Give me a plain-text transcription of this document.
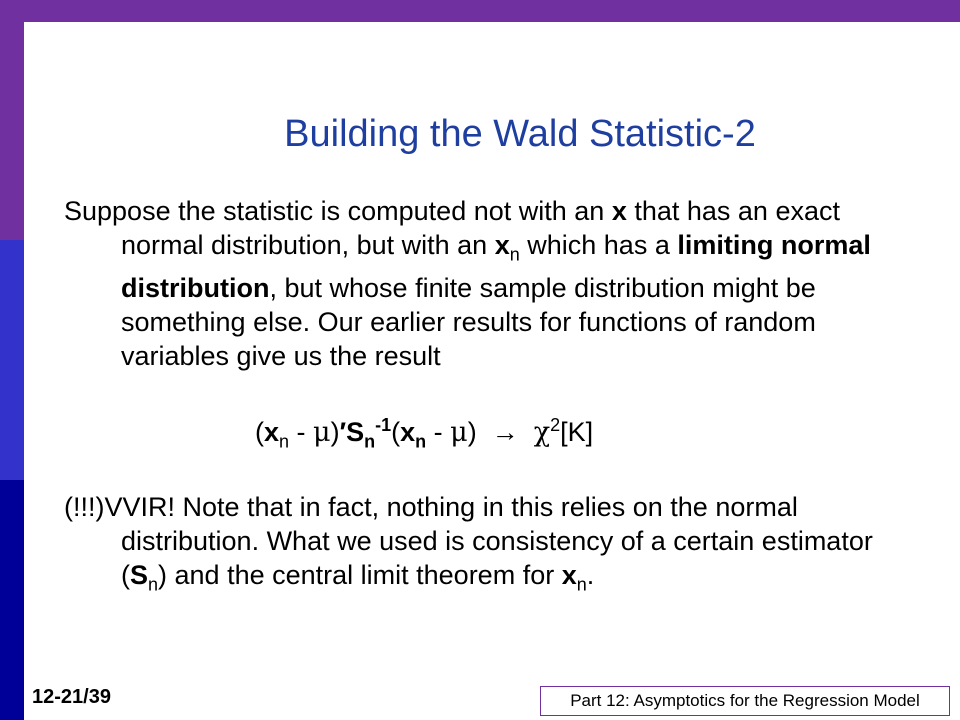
Building the Wald Statistic-2
Suppose the statistic is computed not with an x that has an exact normal distribution, but with an $x_n$ which has a limiting normal distribution, but whose finite sample distribution might be something else. Our earlier results for functions of random variables give us the result
$(x_n - \mu)'S_n^{-1}(x_n - \mu) \to \chi^2[K]$
(!!!)VVIR! Note that in fact, nothing in this relies on the normal distribution. What we used is consistency of a certain estimator $(S_n)$ and the central limit theorem for $x_n$.
12-21/39	Part 12: Asymptotics for the Regression Model
